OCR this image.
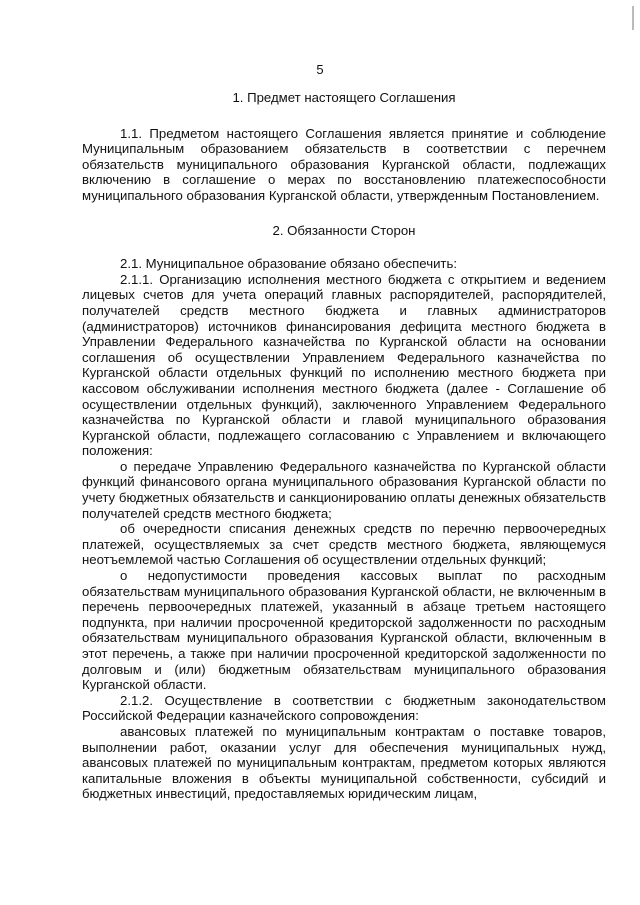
5
1. Предмет настоящего Соглашения

1.1. Предметом настоящего Соглашения является принятие и соблюдение Муниципальным образованием обязательств в соответствии с перечнем обязательств муниципального образования Курганской области, подлежащих включению в соглашение о мерах по восстановлению платежеспособности муниципального образования Курганской области, утвержденным Постановлением.

2. Обязанности Сторон

2.1. Муниципальное образование обязано обеспечить:

2.1.1. Организацию исполнения местного бюджета с открытием и ведением лицевых счетов для учета операций главных распорядителей, распорядителей, получателей средств местного бюджета и главных администраторов (администраторов) источников финансирования дефицита местного бюджета в Управлении Федерального казначейства по Курганской области на основании соглашения об осуществлении Управлением Федерального казначейства по Курганской области отдельных функций по исполнению местного бюджета при кассовом обслуживании исполнения местного бюджета (далее - Соглашение об осуществлении отдельных функций), заключенного Управлением Федерального казначейства по Курганской области и главой муниципального образования Курганской области, подлежащего согласованию с Управлением и включающего положения:

о передаче Управлению Федерального казначейства по Курганской области функций финансового органа муниципального образования Курганской области по учету бюджетных обязательств и санкционированию оплаты денежных обязательств получателей средств местного бюджета;

об очередности списания денежных средств по перечню первоочередных платежей, осуществляемых за счет средств местного бюджета, являющемуся неотъемлемой частью Соглашения об осуществлении отдельных функций;

о недопустимости проведения кассовых выплат по расходным обязательствам муниципального образования Курганской области, не включенным в перечень первоочередных платежей, указанный в абзаце третьем настоящего подпункта, при наличии просроченной кредиторской задолженности по расходным обязательствам муниципального образования Курганской области, включенным в этот перечень, а также при наличии просроченной кредиторской задолженности по долговым и (или) бюджетным обязательствам муниципального образования Курганской области.

2.1.2. Осуществление в соответствии с бюджетным законодательством Российской Федерации казначейского сопровождения:

авансовых платежей по муниципальным контрактам о поставке товаров, выполнении работ, оказании услуг для обеспечения муниципальных нужд, авансовых платежей по муниципальным контрактам, предметом которых являются капитальные вложения в объекты муниципальной собственности, субсидий и бюджетных инвестиций, предоставляемых юридическим лицам,
